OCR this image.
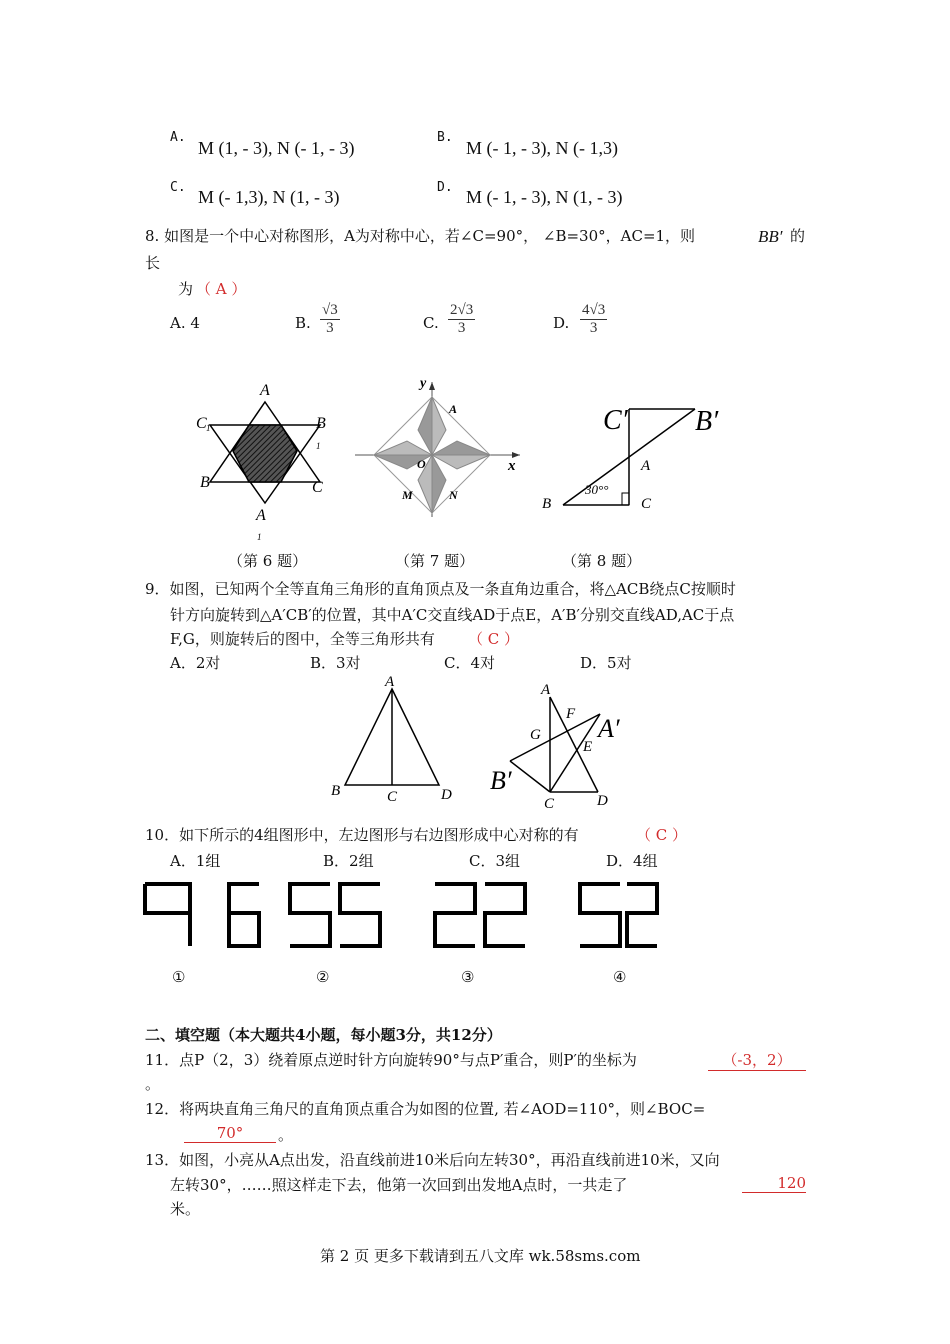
A.
M (1, - 3), N (- 1, - 3)
B.
M (- 1, - 3), N (- 1,3)
C. M (- 1,3), N (1, - 3)	D. M (- 1, - 3), N (1, - 3)
8. 如图是一个中心对称图形，A为对称中心，若∠C=90°， ∠B=30°，AC=1，则	BB′ 的
长
为 （ A ）
A. 4	B. $\frac{√3}{3}$	C. $\frac{2√3}{3}$	D. $\frac{4√3}{3}$
A
C 1	B
1
B	C
A
1
（第 6 题）
y
x
A
O
M	N
（第 7 题）
C′ B′
A
B	C
30°°
（第 8 题）
9．如图，已知两个全等直角三角形的直角顶点及一条直角边重合，将△ACB绕点C按顺时
针方向旋转到△A′CB′的位置，其中A′C交直线AD于点E，A′B′分别交直线AD,AC于点
F,G，则旋转后的图中，全等三角形共有 （ C ）
A．2对	B．3对	C．4对	D．5对
A
B	C	D
A
F
G A′
E
B′
C	D
10．如下所示的4组图形中，左边图形与右边图形成中心对称的有	（ C ）
A．1组	B．2组	C．3组	D．4组
①	②	③	④
二、填空题（本大题共4小题，每小题3分，共12分）
11．点P（2，3）绕着原点逆时针方向旋转90°与点P′重合，则P′的坐标为	（-3，2）
。
12．将两块直角三角尺的直角顶点重合为如图的位置, 若∠AOD=110°，则∠BOC=
70°	。
13．如图，小亮从A点出发，沿直线前进10米后向左转30°，再沿直线前进10米，又向
左转30°，……照这样走下去，他第一次回到出发地A点时，一共走了	120
米。
第 2 页 更多下载请到五八文库 wk.58sms.com
